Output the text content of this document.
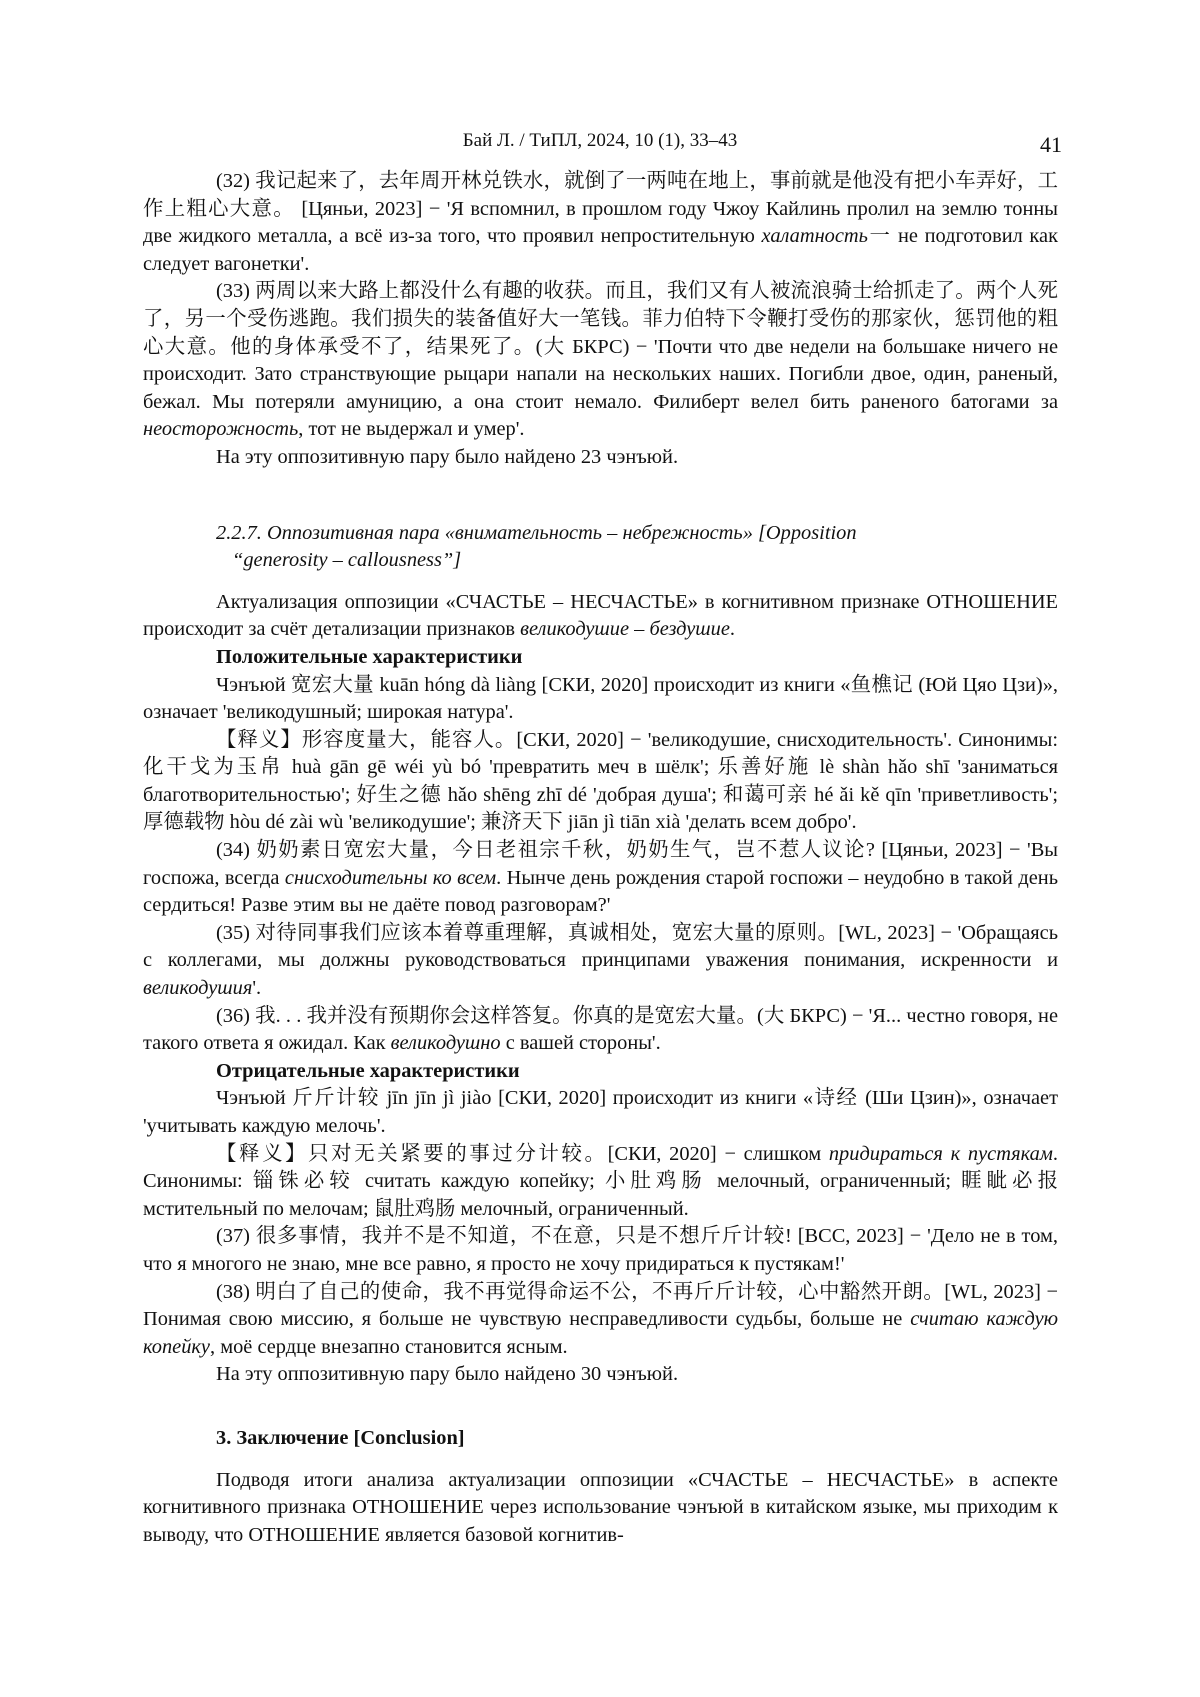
Бай Л. / ТиПЛ, 2024, 10 (1), 33–43	41

(32) 我记起来了，去年周开林兑铁水，就倒了一两吨在地上，事前就是他没有把小车弄好，工作上粗心大意。 [Цяньи, 2023] − 'Я вспомнил, в прошлом году Чжоу Кайлинь пролил на землю тонны две жидкого металла, а всё из-за того, что проявил непростительную халатность一 не подготовил как следует вагонетки'.

(33) 两周以来大路上都没什么有趣的收获。而且，我们又有人被流浪骑士给抓走了。两个人死了，另一个受伤逃跑。我们损失的装备值好大一笔钱。菲力伯特下令鞭打受伤的那家伙，惩罚他的粗心大意。他的身体承受不了，结果死了。(大 БКРС) − 'Почти что две недели на большаке ничего не происходит. Зато странствующие рыцари напали на нескольких наших. Погибли двое, один, раненый, бежал. Мы потеряли амуницию, а она стоит немало. Филиберт велел бить раненого батогами за неосторожность, тот не выдержал и умер'.

На эту оппозитивную пару было найдено 23 чэнъюй.

2.2.7. Оппозитивная пара «внимательность – небрежность» [Opposition
“generosity – callousness”]

Актуализация оппозиции «СЧАСТЬЕ – НЕСЧАСТЬЕ» в когнитивном признаке ОТНОШЕНИЕ происходит за счёт детализации признаков великодушие – бездушие.

Положительные характеристики

Чэнъюй 宽宏大量 kuān hóng dà liàng [СКИ, 2020] происходит из книги «鱼樵记 (Юй Цяо Цзи)», означает 'великодушный; широкая натура'.

【释义】形容度量大，能容人。[СКИ, 2020] − 'великодушие, снисходительность'. Синонимы: 化干戈为玉帛 huà gān gē wéi yù bó 'превратить меч в шёлк'; 乐善好施 lè shàn hǎo shī 'заниматься благотворительностью'; 好生之德 hǎo shēng zhī dé 'добрая душа'; 和蔼可亲 hé ǎi kě qīn 'приветливость'; 厚德载物 hòu dé zài wù 'великодушие'; 兼济天下 jiān jì tiān xià 'делать всем добро'.

(34) 奶奶素日宽宏大量，今日老祖宗千秋，奶奶生气，岂不惹人议论? [Цяньи, 2023] − 'Вы госпожа, всегда снисходительны ко всем. Нынче день рождения старой госпожи – неудобно в такой день сердиться! Разве этим вы не даёте повод разговорам?'

(35) 对待同事我们应该本着尊重理解，真诚相处，宽宏大量的原则。[WL, 2023] − 'Обращаясь с коллегами, мы должны руководствоваться принципами уважения понимания, искренности и великодушия'.

(36) 我. . . 我并没有预期你会这样答复。你真的是宽宏大量。(大 БКРС) − 'Я... честно говоря, не такого ответа я ожидал. Как великодушно с вашей стороны'.

Отрицательные характеристики

Чэнъюй 斤斤计较 jīn jīn jì jiào [СКИ, 2020] происходит из книги «诗经 (Ши Цзин)», означает 'учитывать каждую мелочь'.

【释义】只对无关紧要的事过分计较。[СКИ, 2020] − слишком придираться к пустякам. Синонимы: 锱铢必较 считать каждую копейку; 小肚鸡肠 мелочный, ограниченный; 睚眦必报 мстительный по мелочам; 鼠肚鸡肠 мелочный, ограниченный.

(37) 很多事情，我并不是不知道，不在意，只是不想斤斤计较! [ВСС, 2023] − 'Дело не в том, что я многого не знаю, мне все равно, я просто не хочу придираться к пустякам!'

(38) 明白了自己的使命，我不再觉得命运不公，不再斤斤计较，心中豁然开朗。[WL, 2023] − Понимая свою миссию, я больше не чувствую несправедливости судьбы, больше не считаю каждую копейку, моё сердце внезапно становится ясным.

На эту оппозитивную пару было найдено 30 чэнъюй.

3. Заключение [Conclusion]

Подводя итоги анализа актуализации оппозиции «СЧАСТЬЕ – НЕСЧАСТЬЕ» в аспекте когнитивного признака ОТНОШЕНИЕ через использование чэнъюй в китайском языке, мы приходим к выводу, что ОТНОШЕНИЕ является базовой когнитив-
